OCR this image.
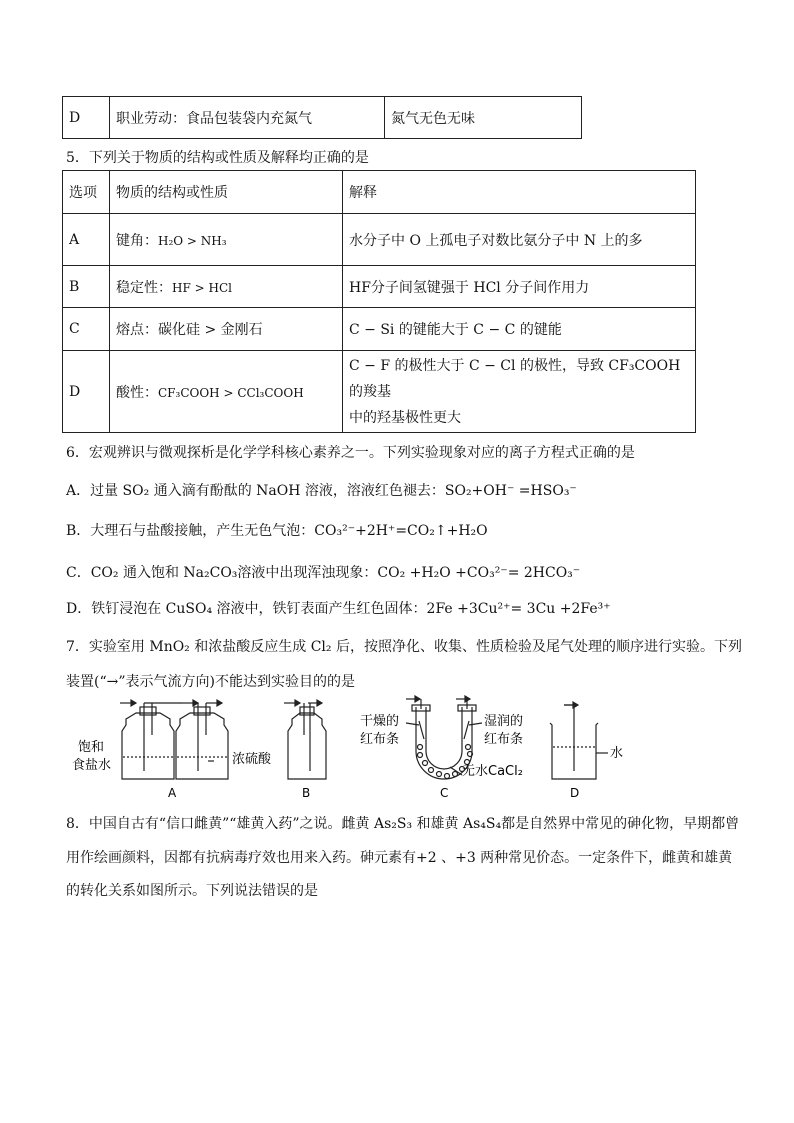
D	职业劳动：食品包装袋内充氮气	氮气无色无味
5．下列关于物质的结构或性质及解释均正确的是
选项	物质的结构或性质	解释
A	键角：H₂O > NH₃	水分子中 O 上孤电子对数比氨分子中 N 上的多
B	稳定性：HF > HCl	HF分子间氢键强于 HCl 分子间作用力
C	熔点：碳化硅 > 金刚石	C − Si 的键能大于 C − C 的键能
D	酸性：CF₃COOH > CCl₃COOH	C − F 的极性大于 C − Cl 的极性，导致 CF₃COOH 的羧基
中的羟基极性更大
6．宏观辨识与微观探析是化学学科核心素养之一。下列实验现象对应的离子方程式正确的是
A．过量 SO₂ 通入滴有酚酞的 NaOH 溶液，溶液红色褪去：SO₂+OH⁻ =HSO₃⁻
B．大理石与盐酸接触，产生无色气泡：CO₃²⁻+2H⁺=CO₂↑+H₂O
C．CO₂ 通入饱和 Na₂CO₃溶液中出现浑浊现象：CO₂ +H₂O +CO₃²⁻= 2HCO₃⁻
D．铁钉浸泡在 CuSO₄ 溶液中，铁钉表面产生红色固体：2Fe +3Cu²⁺= 3Cu +2Fe³⁺
7．实验室用 MnO₂ 和浓盐酸反应生成 Cl₂ 后，按照净化、收集、性质检验及尾气处理的顺序进行实验。下列
装置(“→”表示气流方向)不能达到实验目的的是
饱和
食盐水	浓硫酸
A	B
干燥的
红布条
湿润的
红布条
无水CaCl₂
C
水
D
8．中国自古有“信口雌黄”“雄黄入药”之说。雌黄 As₂S₃ 和雄黄 As₄S₄都是自然界中常见的砷化物，早期都曾
用作绘画颜料，因都有抗病毒疗效也用来入药。砷元素有+2 、+3 两种常见价态。一定条件下，雌黄和雄黄
的转化关系如图所示。下列说法错误的是
